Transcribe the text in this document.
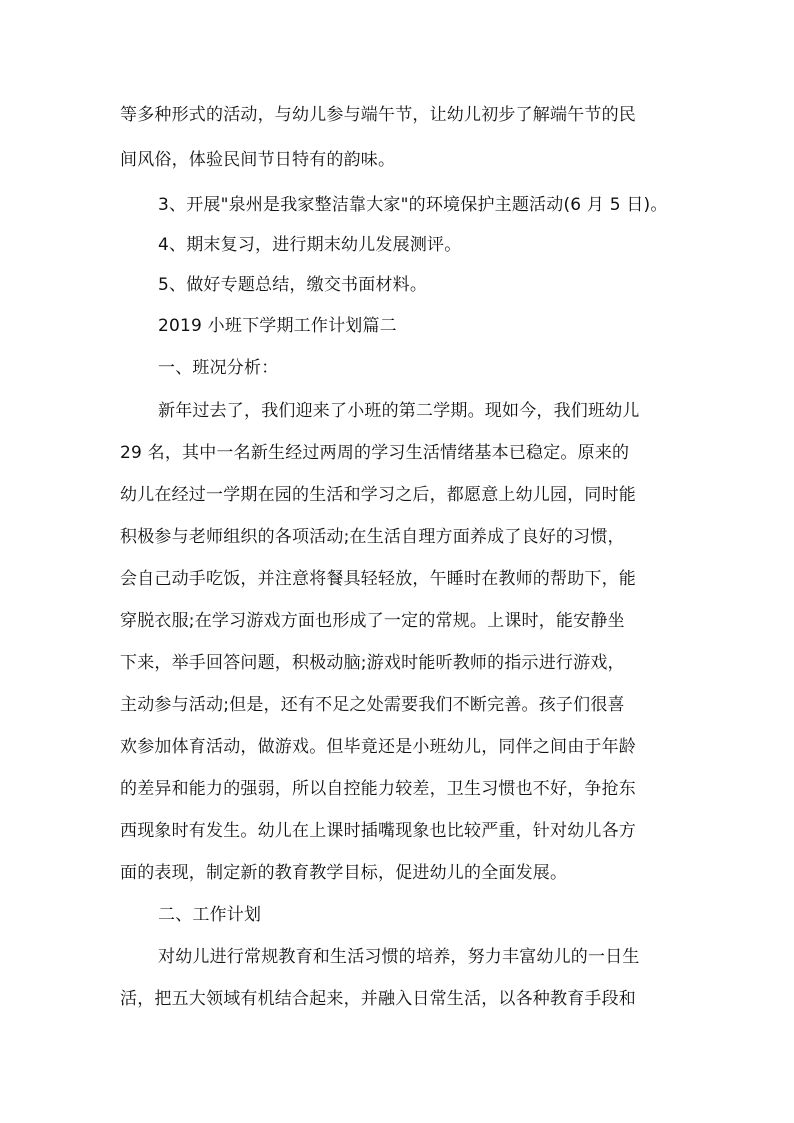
等多种形式的活动，与幼儿参与端午节，让幼儿初步了解端午节的民
间风俗，体验民间节日特有的韵味。
3、开展"泉州是我家整洁靠大家"的环境保护主题活动(6 月 5 日)。
4、期末复习，进行期末幼儿发展测评。
5、做好专题总结，缴交书面材料。
2019 小班下学期工作计划篇二
一、班况分析：
新年过去了，我们迎来了小班的第二学期。现如今，我们班幼儿
29 名，其中一名新生经过两周的学习生活情绪基本已稳定。原来的
幼儿在经过一学期在园的生活和学习之后，都愿意上幼儿园，同时能
积极参与老师组织的各项活动;在生活自理方面养成了良好的习惯，
会自己动手吃饭，并注意将餐具轻轻放，午睡时在教师的帮助下，能
穿脱衣服;在学习游戏方面也形成了一定的常规。上课时，能安静坐
下来，举手回答问题，积极动脑;游戏时能听教师的指示进行游戏，
主动参与活动;但是，还有不足之处需要我们不断完善。孩子们很喜
欢参加体育活动，做游戏。但毕竟还是小班幼儿，同伴之间由于年龄
的差异和能力的强弱，所以自控能力较差，卫生习惯也不好，争抢东
西现象时有发生。幼儿在上课时插嘴现象也比较严重，针对幼儿各方
面的表现，制定新的教育教学目标，促进幼儿的全面发展。
二、工作计划
对幼儿进行常规教育和生活习惯的培养，努力丰富幼儿的一日生
活，把五大领域有机结合起来，并融入日常生活，以各种教育手段和
